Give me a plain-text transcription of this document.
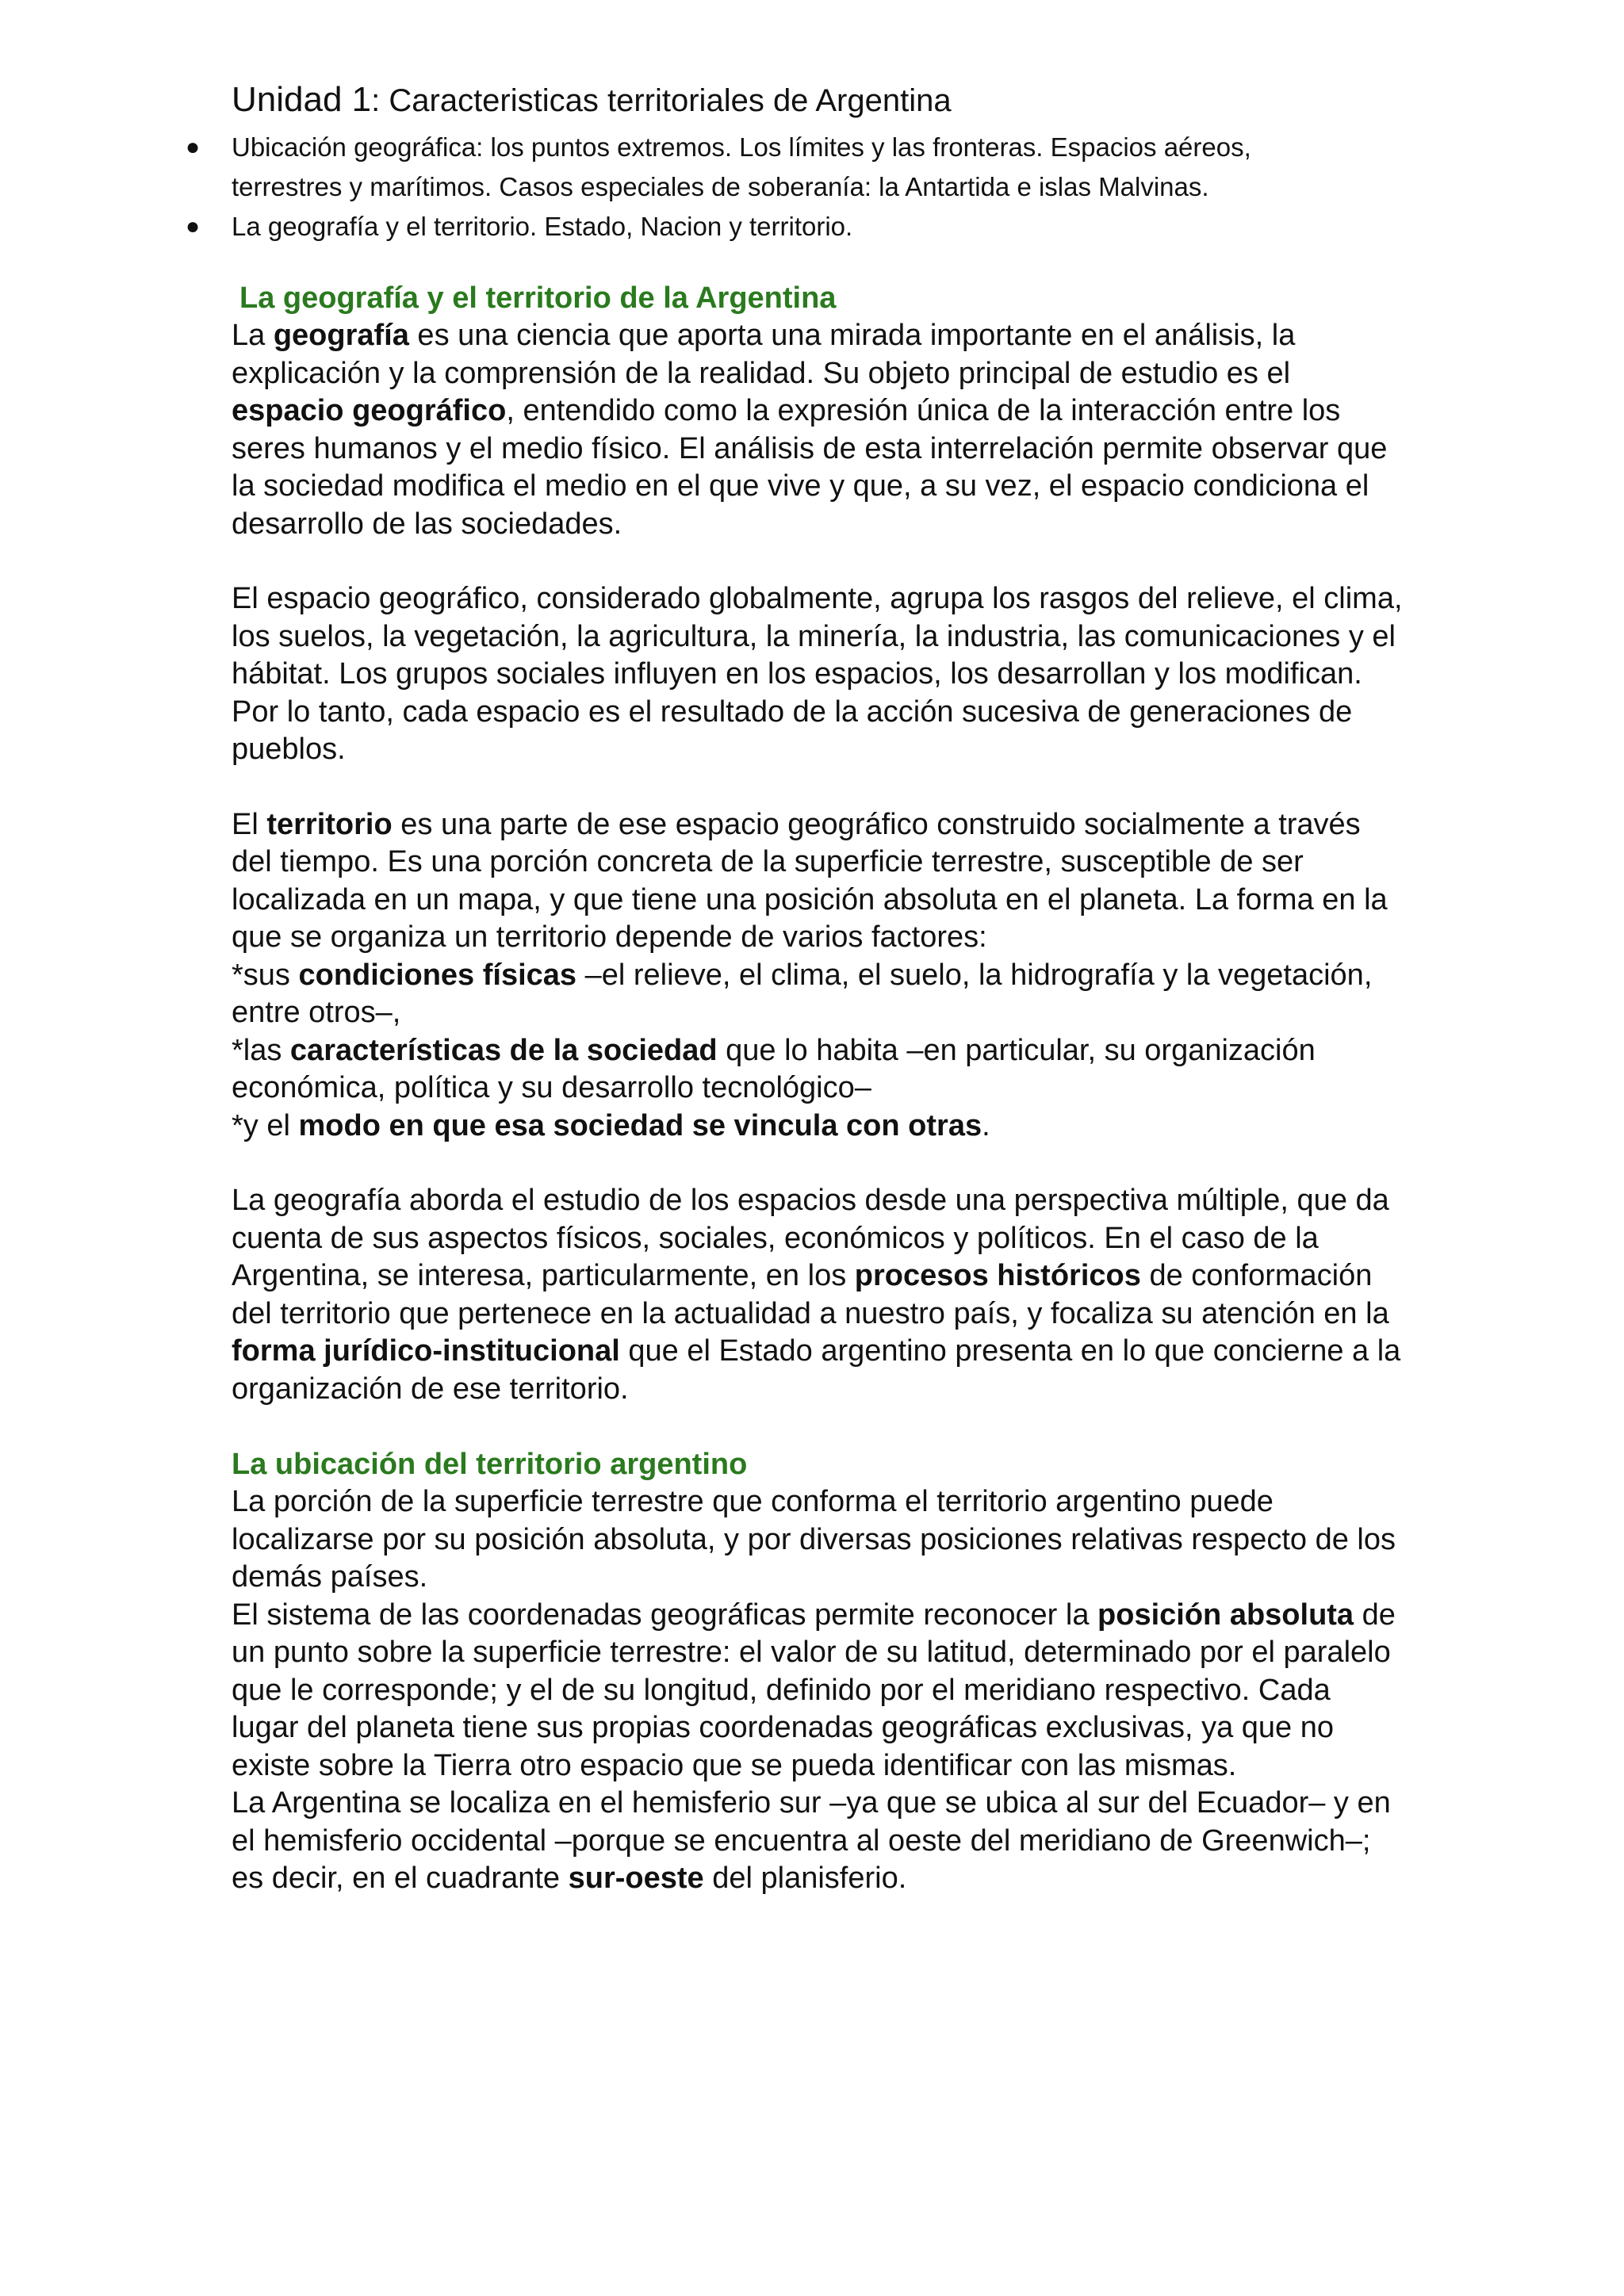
Unidad 1: Caracteristicas territoriales de Argentina
● Ubicación geográfica: los puntos extremos. Los límites y las fronteras. Espacios aéreos,
terrestres y marítimos. Casos especiales de soberanía: la Antartida e islas Malvinas.
● La geografía y el territorio. Estado, Nacion y territorio.
La geografía y el territorio de la Argentina

La geografía es una ciencia que aporta una mirada importante en el análisis, la explicación y la comprensión de la realidad. Su objeto principal de estudio es el espacio geográfico, entendido como la expresión única de la interacción entre los seres humanos y el medio físico. El análisis de esta interrelación permite observar que la sociedad modifica el medio en el que vive y que, a su vez, el espacio condiciona el desarrollo de las sociedades.

El espacio geográfico, considerado globalmente, agrupa los rasgos del relieve, el clima, los suelos, la vegetación, la agricultura, la minería, la industria, las comunicaciones y el hábitat. Los grupos sociales influyen en los espacios, los desarrollan y los modifican. Por lo tanto, cada espacio es el resultado de la acción sucesiva de generaciones de pueblos.

El territorio es una parte de ese espacio geográfico construido socialmente a través del tiempo. Es una porción concreta de la superficie terrestre, susceptible de ser localizada en un mapa, y que tiene una posición absoluta en el planeta. La forma en la que se organiza un territorio depende de varios factores:

*sus condiciones físicas –el relieve, el clima, el suelo, la hidrografía y la vegetación, entre otros–,

*las características de la sociedad que lo habita –en particular, su organización económica, política y su desarrollo tecnológico–

*y el modo en que esa sociedad se vincula con otras.

La geografía aborda el estudio de los espacios desde una perspectiva múltiple, que da cuenta de sus aspectos físicos, sociales, económicos y políticos. En el caso de la Argentina, se interesa, particularmente, en los procesos históricos de conformación del territorio que pertenece en la actualidad a nuestro país, y focaliza su atención en la forma jurídico-institucional que el Estado argentino presenta en lo que concierne a la organización de ese territorio.

La ubicación del territorio argentino

La porción de la superficie terrestre que conforma el territorio argentino puede localizarse por su posición absoluta, y por diversas posiciones relativas respecto de los demás países.

El sistema de las coordenadas geográficas permite reconocer la posición absoluta de un punto sobre la superficie terrestre: el valor de su latitud, determinado por el paralelo que le corresponde; y el de su longitud, definido por el meridiano respectivo. Cada lugar del planeta tiene sus propias coordenadas geográficas exclusivas, ya que no existe sobre la Tierra otro espacio que se pueda identificar con las mismas.

La Argentina se localiza en el hemisferio sur –ya que se ubica al sur del Ecuador– y en el hemisferio occidental –porque se encuentra al oeste del meridiano de Greenwich–; es decir, en el cuadrante sur-oeste del planisferio.
